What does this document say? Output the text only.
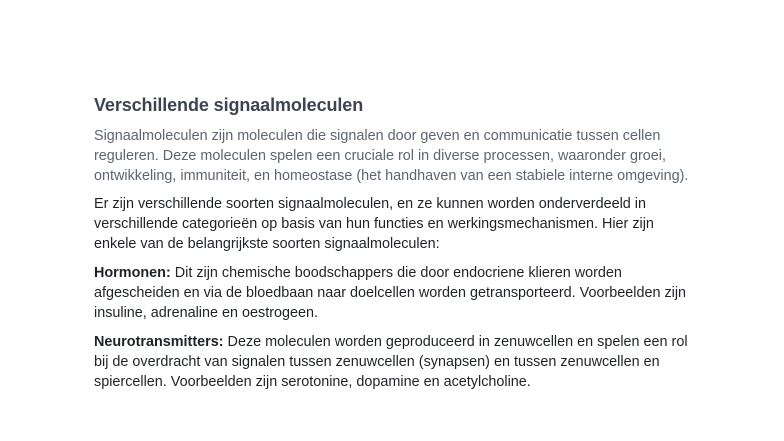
Verschillende signaalmoleculen

Signaalmoleculen zijn moleculen die signalen door geven en communicatie tussen cellen reguleren. Deze moleculen spelen een cruciale rol in diverse processen, waaronder groei, ontwikkeling, immuniteit, en homeostase (het handhaven van een stabiele interne omgeving).

Er zijn verschillende soorten signaalmoleculen, en ze kunnen worden onderverdeeld in verschillende categorieën op basis van hun functies en werkingsmechanismen. Hier zijn enkele van de belangrijkste soorten signaalmoleculen:

Hormonen: Dit zijn chemische boodschappers die door endocriene klieren worden afgescheiden en via de bloedbaan naar doelcellen worden getransporteerd. Voorbeelden zijn insuline, adrenaline en oestrogeen.

Neurotransmitters: Deze moleculen worden geproduceerd in zenuwcellen en spelen een rol bij de overdracht van signalen tussen zenuwcellen (synapsen) en tussen zenuwcellen en spiercellen. Voorbeelden zijn serotonine, dopamine en acetylcholine.
